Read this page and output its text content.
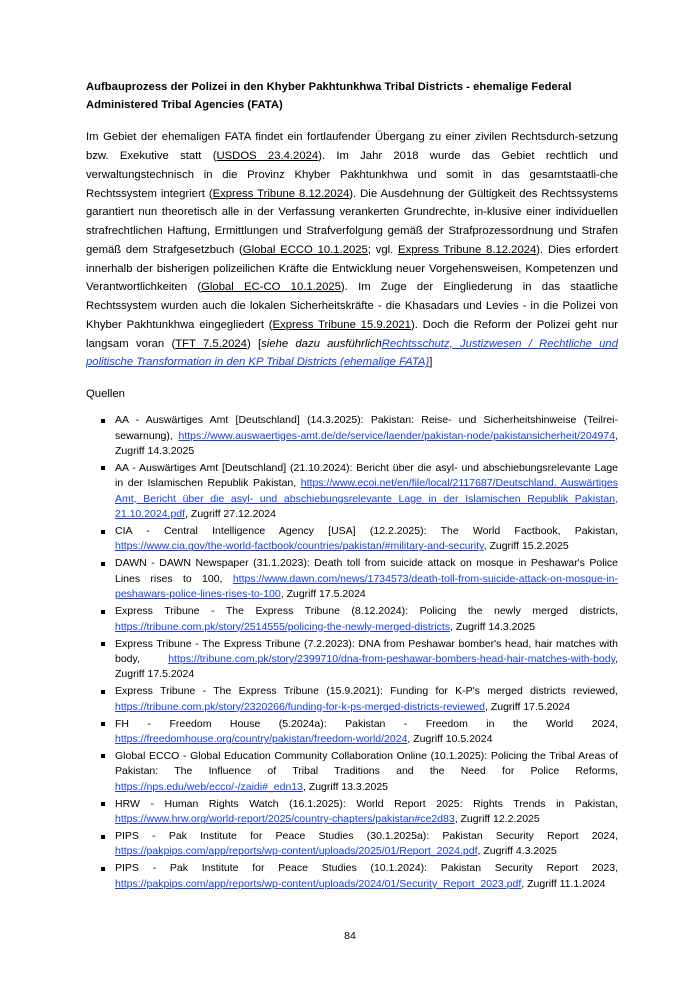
Aufbauprozess der Polizei in den Khyber Pakhtunkhwa Tribal Districts - ehemalige Federal Administered Tribal Agencies (FATA)

Im Gebiet der ehemaligen FATA findet ein fortlaufender Übergang zu einer zivilen Rechtsdurch-setzung bzw. Exekutive statt (USDOS 23.4.2024). Im Jahr 2018 wurde das Gebiet rechtlich und verwaltungstechnisch in die Provinz Khyber Pakhtunkhwa und somit in das gesamtstaatli-che Rechtssystem integriert (Express Tribune 8.12.2024). Die Ausdehnung der Gültigkeit des Rechtssystems garantiert nun theoretisch alle in der Verfassung verankerten Grundrechte, in-klusive einer individuellen strafrechtlichen Haftung, Ermittlungen und Strafverfolgung gemäß der Strafprozessordnung und Strafen gemäß dem Strafgesetzbuch (Global ECCO 10.1.2025; vgl. Express Tribune 8.12.2024). Dies erfordert innerhalb der bisherigen polizeilichen Kräfte die Entwicklung neuer Vorgehensweisen, Kompetenzen und Verantwortlichkeiten (Global EC-CO 10.1.2025). Im Zuge der Eingliederung in das staatliche Rechtssystem wurden auch die lokalen Sicherheitskräfte - die Khasadars und Levies - in die Polizei von Khyber Pakhtunkhwa eingegliedert (Express Tribune 15.9.2021). Doch die Reform der Polizei geht nur langsam voran (TFT 7.5.2024) [siehe dazu ausführlichRechtsschutz, Justizwesen / Rechtliche und politische Transformation in den KP Tribal Districts (ehemalige FATA)]

Quellen
AA - Auswärtiges Amt [Deutschland] (14.3.2025): Pakistan: Reise- und Sicherheitshinweise (Teilrei-sewarnung), https://www.auswaertiges-amt.de/de/service/laender/pakistan-node/pakistansicherheit/204974, Zugriff 14.3.2025
AA - Auswärtiges Amt [Deutschland] (21.10.2024): Bericht über die asyl- und abschiebungsrelevante Lage in der Islamischen Republik Pakistan, https://www.ecoi.net/en/file/local/2117687/Deutschland. Auswärtiges Amt, Bericht über die asyl- und abschiebungsrelevante Lage in der Islamischen Republik Pakistan, 21.10.2024.pdf, Zugriff 27.12.2024
CIA - Central Intelligence Agency [USA] (12.2.2025): The World Factbook, Pakistan, https://www.cia.gov/the-world-factbook/countries/pakistan/#military-and-security, Zugriff 15.2.2025
DAWN - DAWN Newspaper (31.1.2023): Death toll from suicide attack on mosque in Peshawar's Police Lines rises to 100, https://www.dawn.com/news/1734573/death-toll-from-suicide-attack-on-mosque-in-peshawars-police-lines-rises-to-100, Zugriff 17.5.2024
Express Tribune - The Express Tribune (8.12.2024): Policing the newly merged districts, https://tribune.com.pk/story/2514555/policing-the-newly-merged-districts, Zugriff 14.3.2025
Express Tribune - The Express Tribune (7.2.2023): DNA from Peshawar bomber's head, hair matches with body, https://tribune.com.pk/story/2399710/dna-from-peshawar-bombers-head-hair-matches-with-body, Zugriff 17.5.2024
Express Tribune - The Express Tribune (15.9.2021): Funding for K-P's merged districts reviewed, https://tribune.com.pk/story/2320266/funding-for-k-ps-merged-districts-reviewed, Zugriff 17.5.2024
FH - Freedom House (5.2024a): Pakistan - Freedom in the World 2024, https://freedomhouse.org/country/pakistan/freedom-world/2024, Zugriff 10.5.2024
Global ECCO - Global Education Community Collaboration Online (10.1.2025): Policing the Tribal Areas of Pakistan: The Influence of Tribal Traditions and the Need for Police Reforms, https://nps.edu/web/ecco/-/zaidi#_edn13, Zugriff 13.3.2025
HRW - Human Rights Watch (16.1.2025): World Report 2025: Rights Trends in Pakistan, https://www.hrw.org/world-report/2025/country-chapters/pakistan#ce2d83, Zugriff 12.2.2025
PIPS - Pak Institute for Peace Studies (30.1.2025a): Pakistan Security Report 2024, https://pakpips.com/app/reports/wp-content/uploads/2025/01/Report_2024.pdf, Zugriff 4.3.2025
PIPS - Pak Institute for Peace Studies (10.1.2024): Pakistan Security Report 2023, https://pakpips.com/app/reports/wp-content/uploads/2024/01/Security_Report_2023.pdf, Zugriff 11.1.2024
84
